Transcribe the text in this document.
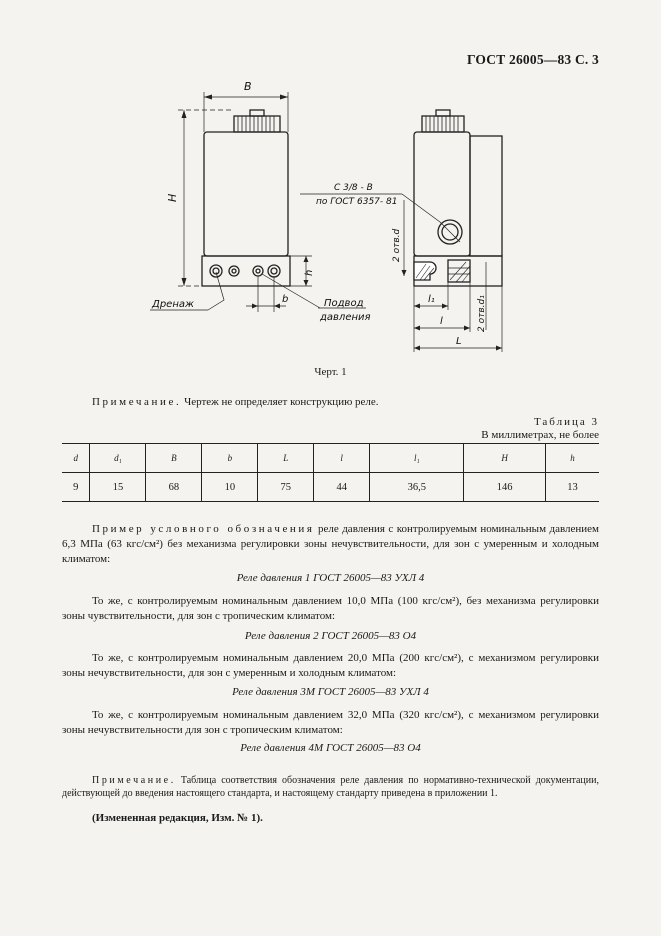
ГОСТ 26005—83 С. 3
B
H
h
b
Дренаж	Подвод
давления
С 3/8 - В
по ГОСТ 6357- 81
2 отв.d
2 отв.d₁
l₁
l
L
Черт. 1
Примечание. Чертеж не определяет конструкцию реле.
Таблица 3
В миллиметрах, не более
d	d₁	B	b	L	l	l₁	H	h
9	15	68	10	75	44	36,5	146	13
Пример условного обозначения реле давления с контролируемым номинальным давлением 6,3 МПа (63 кгс/см²) без механизма регулировки зоны нечувствительности, для зон с умеренным и холодным климатом:
Реле давления 1 ГОСТ 26005—83 УХЛ 4
То же, с контролируемым номинальным давлением 10,0 МПа (100 кгс/см²), без механизма регулировки зоны чувствительности, для зон с тропическим климатом:
Реле давления 2 ГОСТ 26005—83 О4
То же, с контролируемым номинальным давлением 20,0 МПа (200 кгс/см²), с механизмом регулировки зоны нечувствительности, для зон с умеренным и холодным климатом:
Реле давления 3М ГОСТ 26005—83 УХЛ 4
То же, с контролируемым номинальным давлением 32,0 МПа (320 кгс/см²), с механизмом регулировки зоны нечувствительности для зон с тропическим климатом:
Реле давления 4М ГОСТ 26005—83 О4
Примечание. Таблица соответствия обозначения реле давления по нормативно-технической документации, действующей до введения настоящего стандарта, и настоящему стандарту приведена в приложении 1.
(Измененная редакция, Изм. № 1).
